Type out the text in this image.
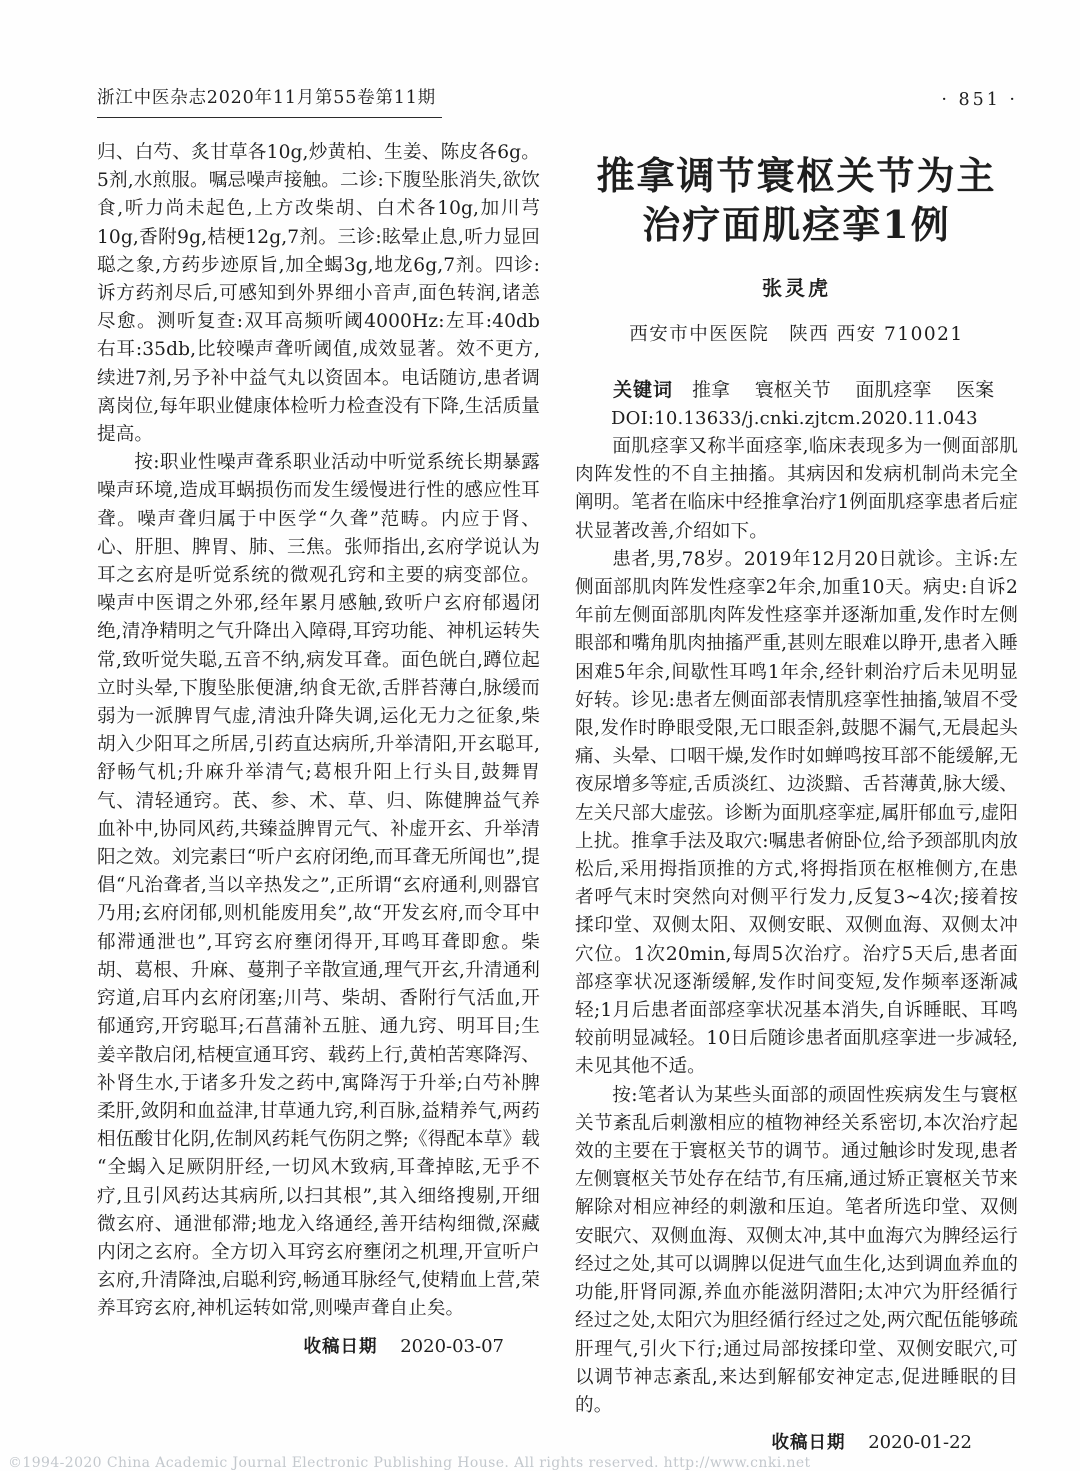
浙江中医杂志2020年11月第55卷第11期	· 851 ·

归、白芍、炙甘草各10g,炒黄柏、生姜、陈皮各6g。5剂,水煎服。嘱忌噪声接触。二诊:下腹坠胀消失,欲饮食,听力尚未起色,上方改柴胡、白术各10g,加川芎10g,香附9g,桔梗12g,7剂。三诊:眩晕止息,听力显回聪之象,方药步迹原旨,加全蝎3g,地龙6g,7剂。四诊:诉方药剂尽后,可感知到外界细小音声,面色转润,诸恙尽愈。测听复查:双耳高频听阈4000Hz:左耳:40db 右耳:35db,比较噪声聋听阈值,成效显著。效不更方,续进7剂,另予补中益气丸以资固本。电话随访,患者调离岗位,每年职业健康体检听力检查没有下降,生活质量提高。

按:职业性噪声聋系职业活动中听觉系统长期暴露噪声环境,造成耳蜗损伤而发生缓慢进行性的感应性耳聋。噪声聋归属于中医学“久聋”范畴。内应于肾、心、肝胆、脾胃、肺、三焦。张师指出,玄府学说认为耳之玄府是听觉系统的微观孔窍和主要的病变部位。噪声中医谓之外邪,经年累月感触,致听户玄府郁遏闭绝,清净精明之气升降出入障碍,耳窍功能、神机运转失常,致听觉失聪,五音不纳,病发耳聋。面色㿠白,蹲位起立时头晕,下腹坠胀便溏,纳食无欲,舌胖苔薄白,脉缓而弱为一派脾胃气虚,清浊升降失调,运化无力之征象,柴胡入少阳耳之所居,引药直达病所,升举清阳,开玄聪耳,舒畅气机;升麻升举清气;葛根升阳上行头目,鼓舞胃气、清轻通窍。芪、参、术、草、归、陈健脾益气养血补中,协同风药,共臻益脾胃元气、补虚开玄、升举清阳之效。刘完素曰“听户玄府闭绝,而耳聋无所闻也”,提倡“凡治聋者,当以辛热发之”,正所谓“玄府通利,则器官乃用;玄府闭郁,则机能废用矣”,故“开发玄府,而令耳中郁滞通泄也”,耳窍玄府壅闭得开,耳鸣耳聋即愈。柴胡、葛根、升麻、蔓荆子辛散宣通,理气开玄,升清通利窍道,启耳内玄府闭塞;川芎、柴胡、香附行气活血,开郁通窍,开窍聪耳;石菖蒲补五脏、通九窍、明耳目;生姜辛散启闭,桔梗宣通耳窍、载药上行,黄柏苦寒降泻、补肾生水,于诸多升发之药中,寓降泻于升举;白芍补脾柔肝,敛阴和血益津,甘草通九窍,利百脉,益精养气,两药相伍酸甘化阴,佐制风药耗气伤阴之弊;《得配本草》载“全蝎入足厥阴肝经,一切风木致病,耳聋掉眩,无乎不疗,且引风药达其病所,以扫其根”,其入细络搜剔,开细微玄府、通泄郁滞;地龙入络通经,善开结构细微,深藏内闭之玄府。全方切入耳窍玄府壅闭之机理,开宣听户玄府,升清降浊,启聪利窍,畅通耳脉经气,使精血上营,荣养耳窍玄府,神机运转如常,则噪声聋自止矣。

收稿日期 2020-03-07
推拿调节寰枢关节为主
治疗面肌痉挛1例
张灵虎
西安市中医医院　陕西 西安 710021
关键词 推拿 寰枢关节 面肌痉挛 医案
DOI:10.13633/j.cnki.zjtcm.2020.11.043

面肌痉挛又称半面痉挛,临床表现多为一侧面部肌肉阵发性的不自主抽搐。其病因和发病机制尚未完全阐明。笔者在临床中经推拿治疗1例面肌痉挛患者后症状显著改善,介绍如下。

患者,男,78岁。2019年12月20日就诊。主诉:左侧面部肌肉阵发性痉挛2年余,加重10天。病史:自诉2年前左侧面部肌肉阵发性痉挛并逐渐加重,发作时左侧眼部和嘴角肌肉抽搐严重,甚则左眼难以睁开,患者入睡困难5年余,间歇性耳鸣1年余,经针刺治疗后未见明显好转。诊见:患者左侧面部表情肌痉挛性抽搐,皱眉不受限,发作时睁眼受限,无口眼歪斜,鼓腮不漏气,无晨起头痛、头晕、口咽干燥,发作时如蝉鸣按耳部不能缓解,无夜尿增多等症,舌质淡红、边淡黯、舌苔薄黄,脉大缓、左关尺部大虚弦。诊断为面肌痉挛症,属肝郁血亏,虚阳上扰。推拿手法及取穴:嘱患者俯卧位,给予颈部肌肉放松后,采用拇指顶推的方式,将拇指顶在枢椎侧方,在患者呼气末时突然向对侧平行发力,反复3~4次;接着按揉印堂、双侧太阳、双侧安眠、双侧血海、双侧太冲穴位。1次20min,每周5次治疗。治疗5天后,患者面部痉挛状况逐渐缓解,发作时间变短,发作频率逐渐减轻;1月后患者面部痉挛状况基本消失,自诉睡眠、耳鸣较前明显减轻。10日后随诊患者面肌痉挛进一步减轻,未见其他不适。

按:笔者认为某些头面部的顽固性疾病发生与寰枢关节紊乱后刺激相应的植物神经关系密切,本次治疗起效的主要在于寰枢关节的调节。通过触诊时发现,患者左侧寰枢关节处存在结节,有压痛,通过矫正寰枢关节来解除对相应神经的刺激和压迫。笔者所选印堂、双侧安眠穴、双侧血海、双侧太冲,其中血海穴为脾经运行经过之处,其可以调脾以促进气血生化,达到调血养血的功能,肝肾同源,养血亦能滋阴潜阳;太冲穴为肝经循行经过之处,太阳穴为胆经循行经过之处,两穴配伍能够疏肝理气,引火下行;通过局部按揉印堂、双侧安眠穴,可以调节神志紊乱,来达到解郁安神定志,促进睡眠的目的。

收稿日期 2020-01-22
©1994-2020 China Academic Journal Electronic Publishing House. All rights reserved. http://www.cnki.net
